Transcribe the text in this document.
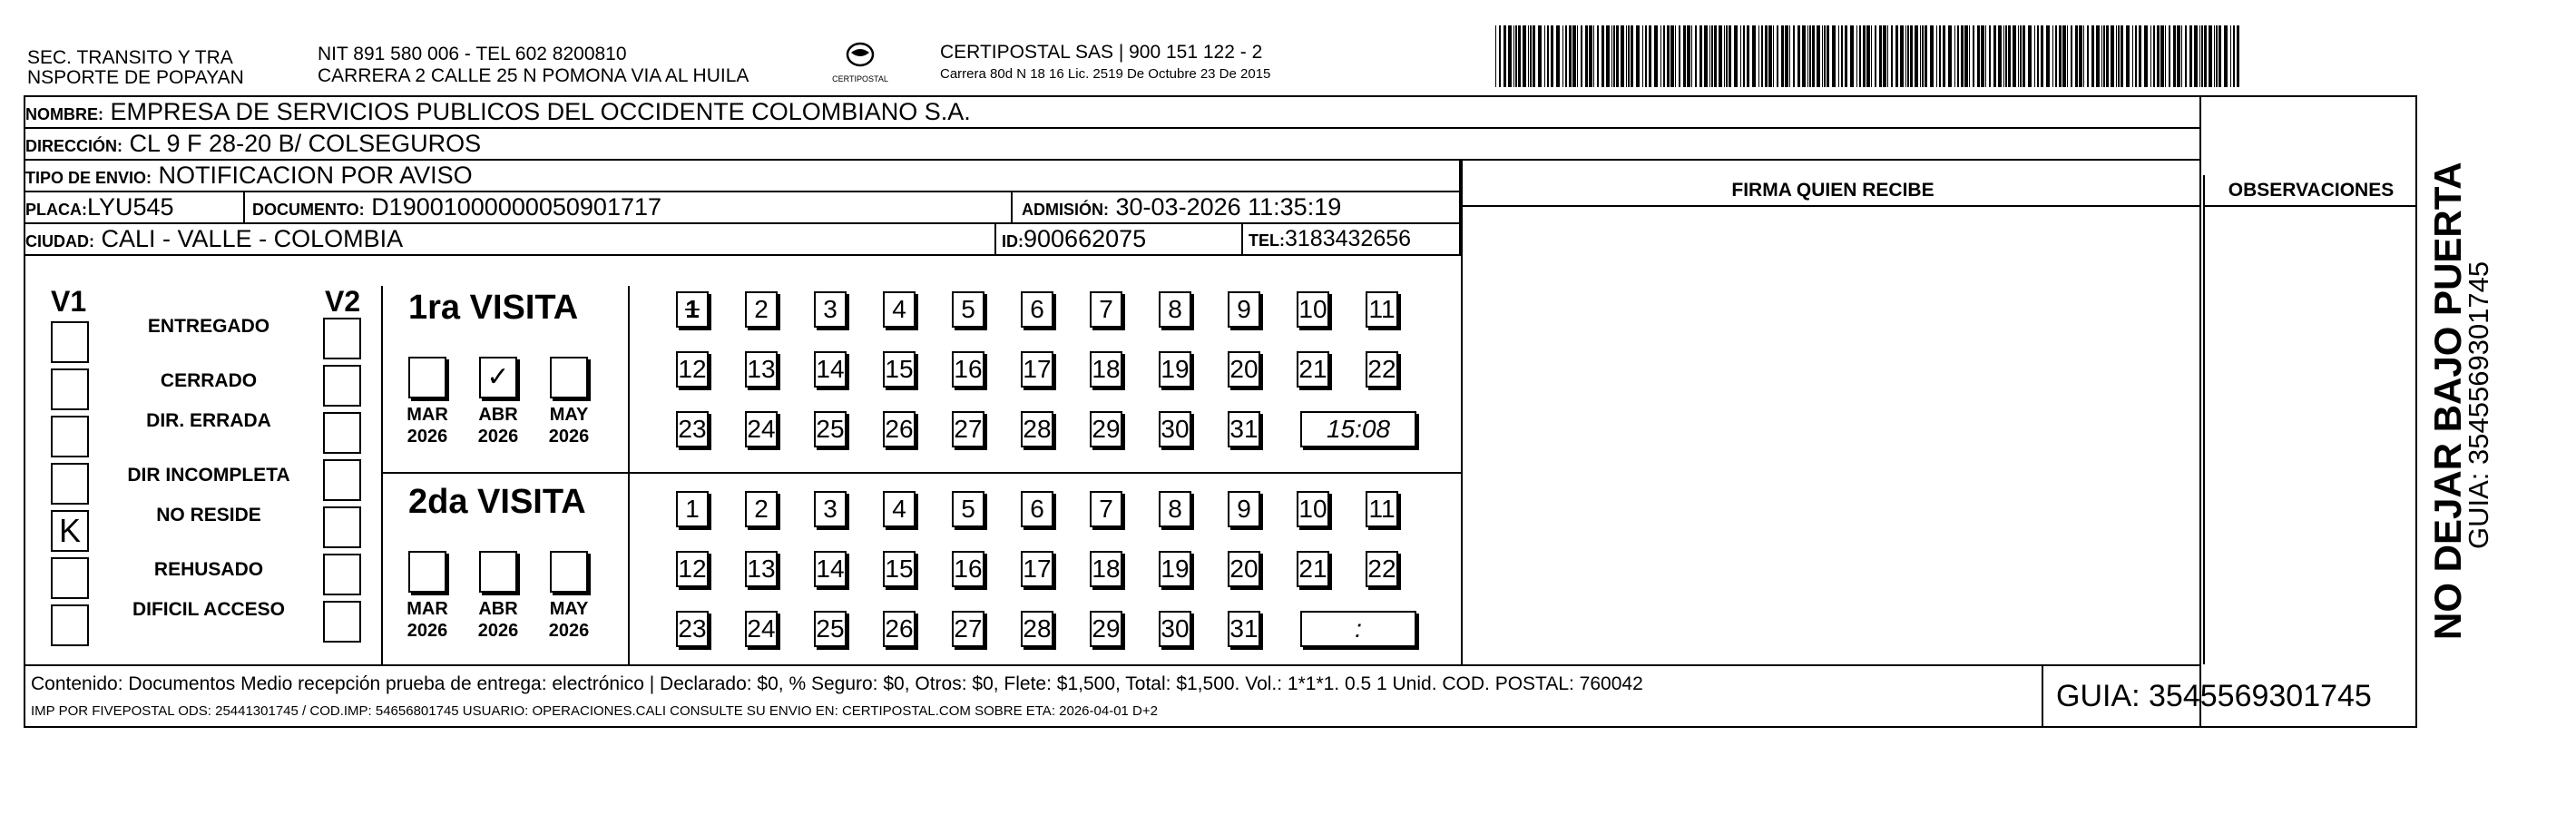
SEC. TRANSITO Y TRA
NSPORTE DE POPAYAN
NIT 891 580 006 - TEL 602 8200810
CARRERA 2 CALLE 25 N POMONA VIA AL HUILA	CERTIPOSTAL
CERTIPOSTAL SAS | 900 151 122 - 2
Carrera 80d N 18 16 Lic. 2519 De Octubre 23 De 2015
NOMBRE: EMPRESA DE SERVICIOS PUBLICOS DEL OCCIDENTE COLOMBIANO S.A.
DIRECCIÓN: CL 9 F 28-20 B/ COLSEGUROS
TIPO DE ENVIO: NOTIFICACION POR AVISO
PLACA:LYU545	DOCUMENTO: D19001000000050901717	ADMISIÓN: 30-03-2026 11:35:19
CIUDAD: CALI - VALLE - COLOMBIA	ID:900662075	TEL:3183432656
FIRMA QUIEN RECIBE	OBSERVACIONES
V1	V2
ENTREGADO
CERRADO
DIR. ERRADA
DIR INCOMPLETA
K	NO RESIDE
REHUSADO
DIFICIL ACCESO
1ra VISITA
MAR
2026
✓
ABR
2026
MAY
2026
1	2	3	4	5	6	7	8	9	10 11
12 13 14 15 16 17 18 19 20 21 22
23 24 25 26 27 28 29 30 31	15:08
2da VISITA
MAR
2026
ABR
2026
MAY
2026
1	2	3	4	5	6	7	8	9	10 11
12 13 14 15 16 17 18 19 20 21 22
23 24 25 26 27 28 29 30 31	:	NO DEJAR BAJO PUERTA
GUIA: 3545569301745
Contenido: Documentos Medio recepción prueba de entrega: electrónico | Declarado: $0, % Seguro: $0, Otros: $0, Flete: $1,500, Total: $1,500. Vol.: 1*1*1. 0.5 1 Unid. COD. POSTAL: 760042
IMP POR FIVEPOSTAL ODS: 25441301745 / COD.IMP: 54656801745 USUARIO: OPERACIONES.CALI CONSULTE SU ENVIO EN: CERTIPOSTAL.COM SOBRE ETA: 2026-04-01 D+2	GUIA: 3545569301745
